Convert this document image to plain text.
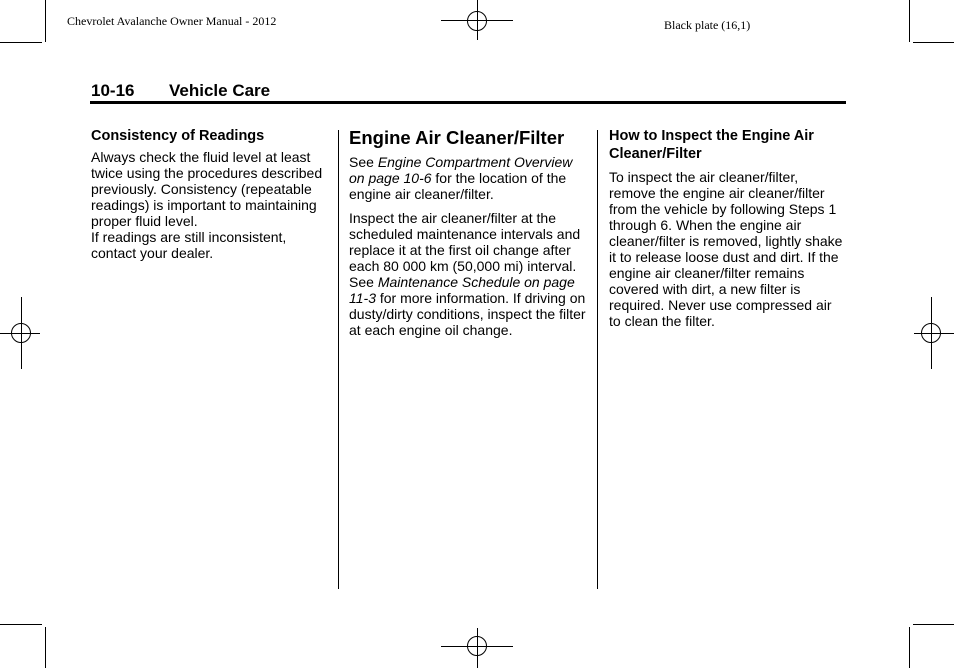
Chevrolet Avalanche Owner Manual - 2012	Black plate (16,1)
10-16 Vehicle Care
Consistency of Readings

Always check the fluid level at least twice using the procedures described previously. Consistency (repeatable readings) is important to maintaining proper fluid level.

If readings are still inconsistent, contact your dealer.

Engine Air Cleaner/Filter

See Engine Compartment Overview on page 10-6 for the location of the engine air cleaner/filter.

Inspect the air cleaner/filter at the scheduled maintenance intervals and replace it at the first oil change after each 80 000 km (50,000 mi) interval. See Maintenance Schedule on page 11-3 for more information. If driving on dusty/dirty conditions, inspect the filter at each engine oil change.

How to Inspect the Engine Air Cleaner/Filter

To inspect the air cleaner/filter, remove the engine air cleaner/filter from the vehicle by following Steps 1 through 6. When the engine air cleaner/filter is removed, lightly shake it to release loose dust and dirt. If the engine air cleaner/filter remains covered with dirt, a new filter is required. Never use compressed air to clean the filter.
